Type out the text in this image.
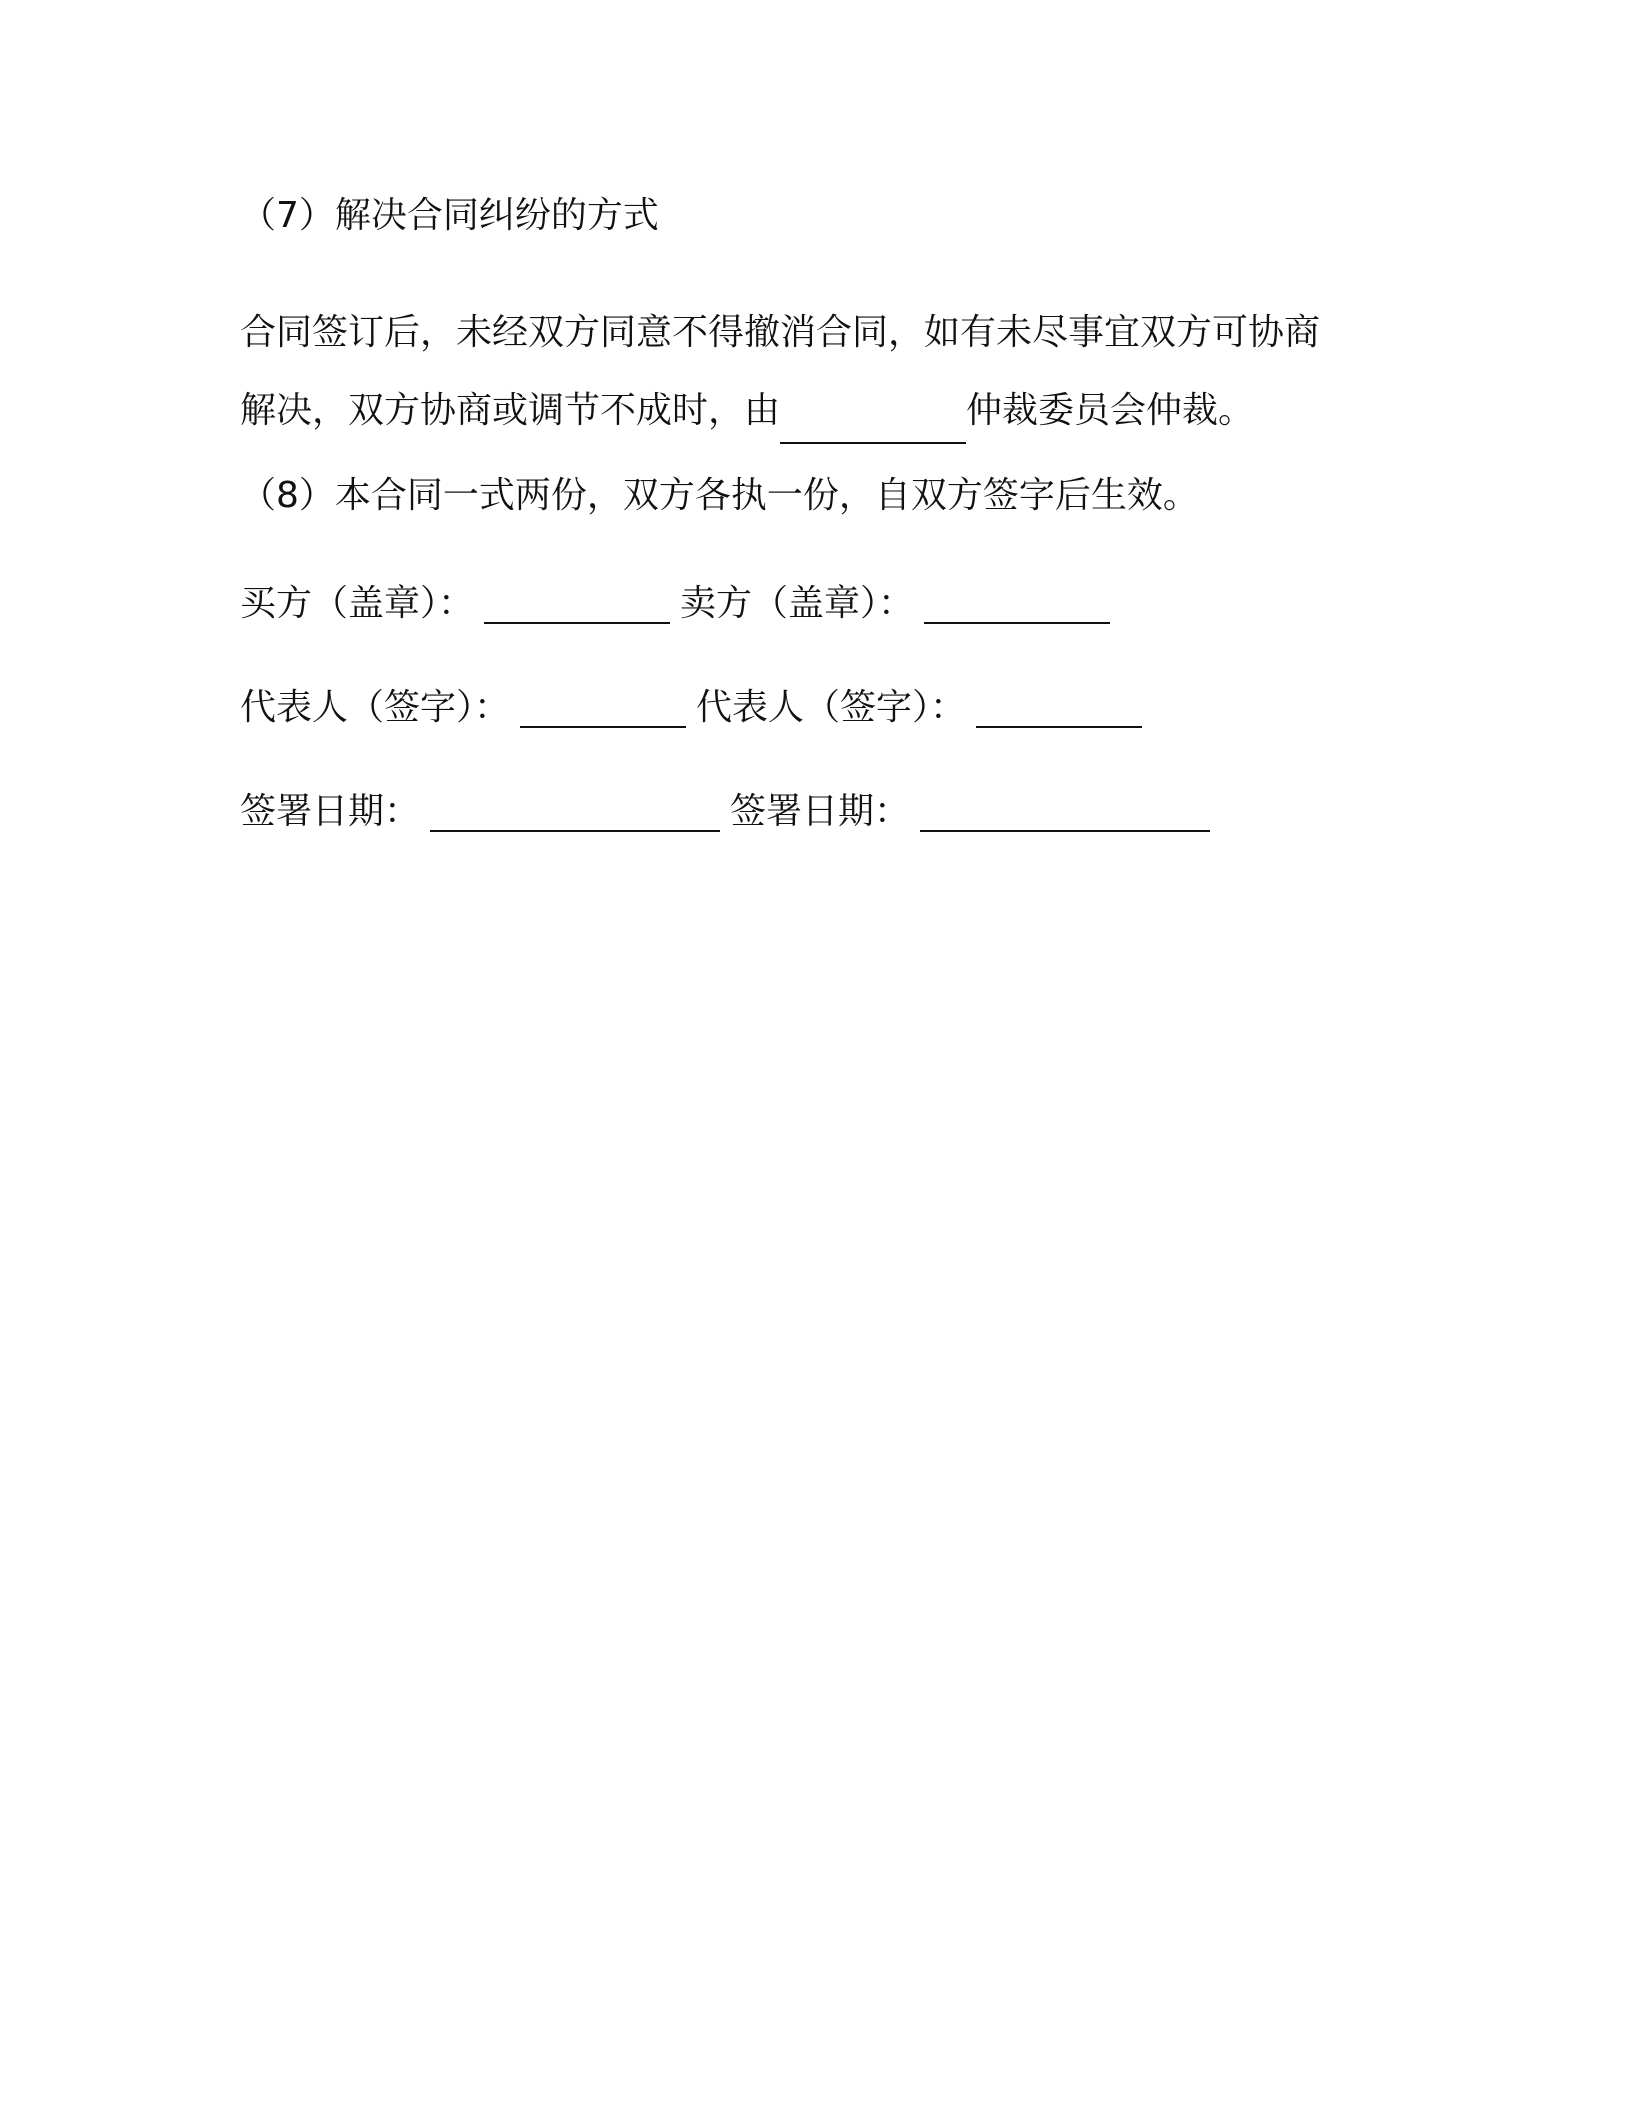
（7）解决合同纠纷的方式

合同签订后，未经双方同意不得撤消合同，如有未尽事宜双方可协商
解决，双方协商或调节不成时，由	仲裁委员会仲裁。

（8）本合同一式两份，双方各执一份，自双方签字后生效。

买方（盖章）：	卖方（盖章）：
代表人（签字）：	代表人（签字）：
签署日期：	签署日期：
